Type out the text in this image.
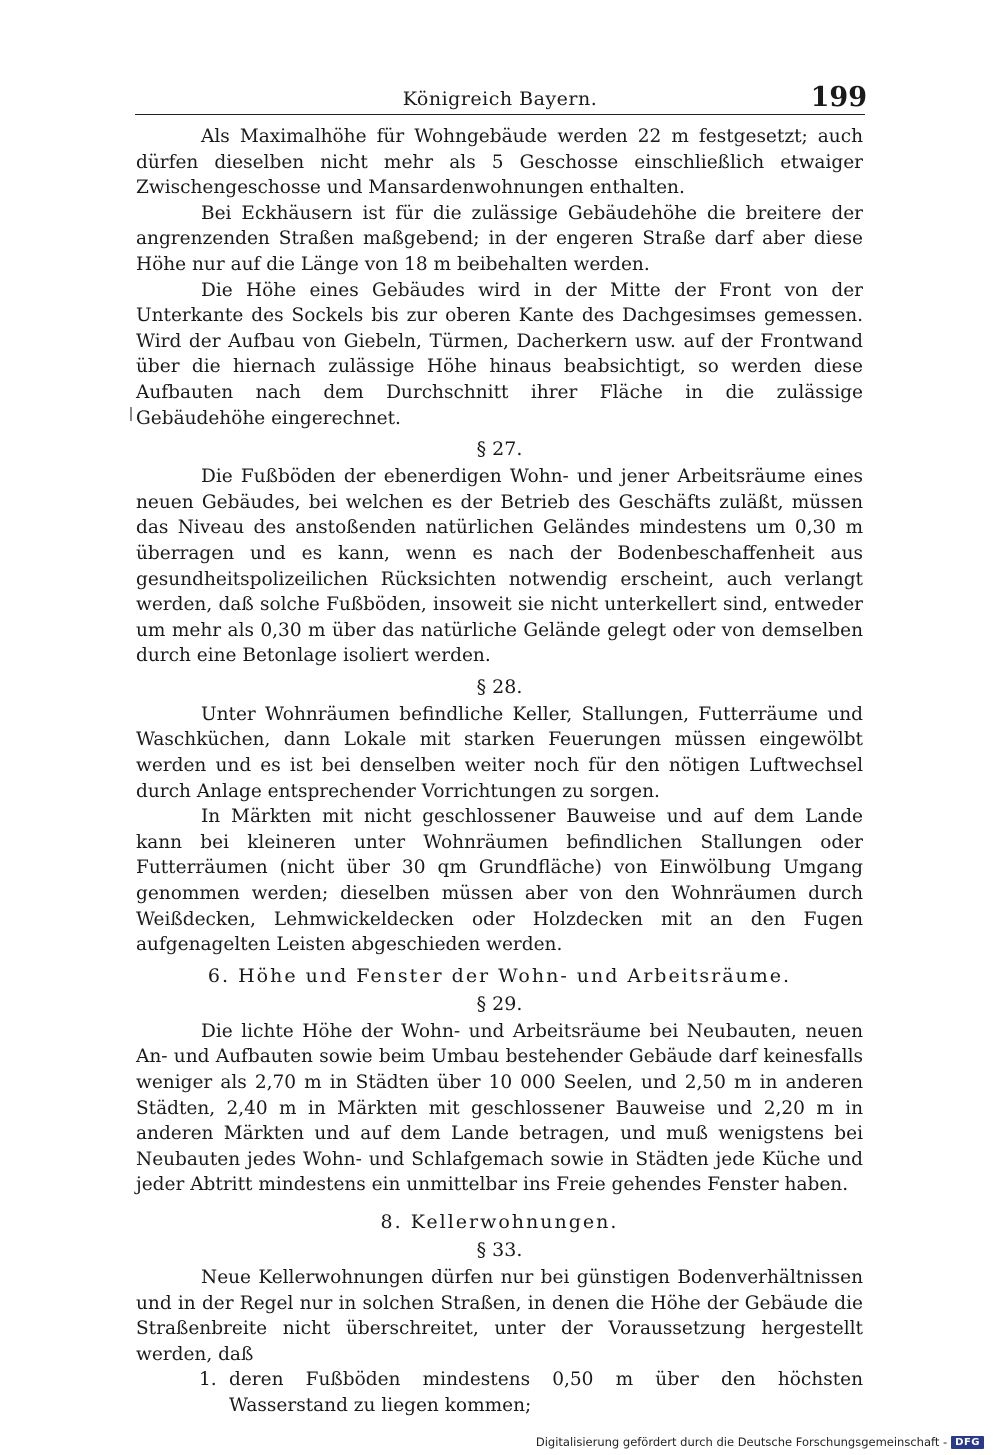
Königreich Bayern.	199

Als Maximalhöhe für Wohngebäude werden 22 m festgesetzt; auch dürfen dieselben nicht mehr als 5 Geschosse einschließlich etwaiger Zwischengeschosse und Mansardenwohnungen enthalten.

Bei Eckhäusern ist für die zulässige Gebäudehöhe die breitere der angrenzenden Straßen maßgebend; in der engeren Straße darf aber diese Höhe nur auf die Länge von 18 m beibehalten werden.

Die Höhe eines Gebäudes wird in der Mitte der Front von der Unterkante des Sockels bis zur oberen Kante des Dachgesimses gemessen. Wird der Aufbau von Giebeln, Türmen, Dacherkern usw. auf der Frontwand über die hiernach zulässige Höhe hinaus beabsichtigt, so werden diese Aufbauten nach dem Durchschnitt ihrer Fläche in die zulässige Gebäudehöhe eingerechnet.

§ 27.

Die Fußböden der ebenerdigen Wohn- und jener Arbeitsräume eines neuen Gebäudes, bei welchen es der Betrieb des Geschäfts zuläßt, müssen das Niveau des anstoßenden natürlichen Geländes mindestens um 0,30 m überragen und es kann, wenn es nach der Bodenbeschaffenheit aus gesundheitspolizeilichen Rücksichten notwendig erscheint, auch verlangt werden, daß solche Fußböden, insoweit sie nicht unterkellert sind, entweder um mehr als 0,30 m über das natürliche Gelände gelegt oder von demselben durch eine Betonlage isoliert werden.

§ 28.

Unter Wohnräumen befindliche Keller, Stallungen, Futterräume und Waschküchen, dann Lokale mit starken Feuerungen müssen eingewölbt werden und es ist bei denselben weiter noch für den nötigen Luftwechsel durch Anlage entsprechender Vorrichtungen zu sorgen.

In Märkten mit nicht geschlossener Bauweise und auf dem Lande kann bei kleineren unter Wohnräumen befindlichen Stallungen oder Futterräumen (nicht über 30 qm Grundfläche) von Einwölbung Umgang genommen werden; dieselben müssen aber von den Wohnräumen durch Weißdecken, Lehmwickeldecken oder Holzdecken mit an den Fugen aufgenagelten Leisten abgeschieden werden.

6. Höhe und Fenster der Wohn- und Arbeitsräume.
§ 29.

Die lichte Höhe der Wohn- und Arbeitsräume bei Neubauten, neuen An- und Aufbauten sowie beim Umbau bestehender Gebäude darf keinesfalls weniger als 2,70 m in Städten über 10 000 Seelen, und 2,50 m in anderen Städten, 2,40 m in Märkten mit geschlossener Bauweise und 2,20 m in anderen Märkten und auf dem Lande betragen, und muß wenigstens bei Neubauten jedes Wohn- und Schlafgemach sowie in Städten jede Küche und jeder Abtritt mindestens ein unmittelbar ins Freie gehendes Fenster haben.

8. Kellerwohnungen.
§ 33.

Neue Kellerwohnungen dürfen nur bei günstigen Bodenverhältnissen und in der Regel nur in solchen Straßen, in denen die Höhe der Gebäude die Straßenbreite nicht überschreitet, unter der Voraussetzung hergestellt werden, daß

1. deren Fußböden mindestens 0,50 m über den höchsten Wasserstand zu liegen kommen;
Digitalisierung gefördert durch die Deutsche Forschungsgemeinschaft - DFG
